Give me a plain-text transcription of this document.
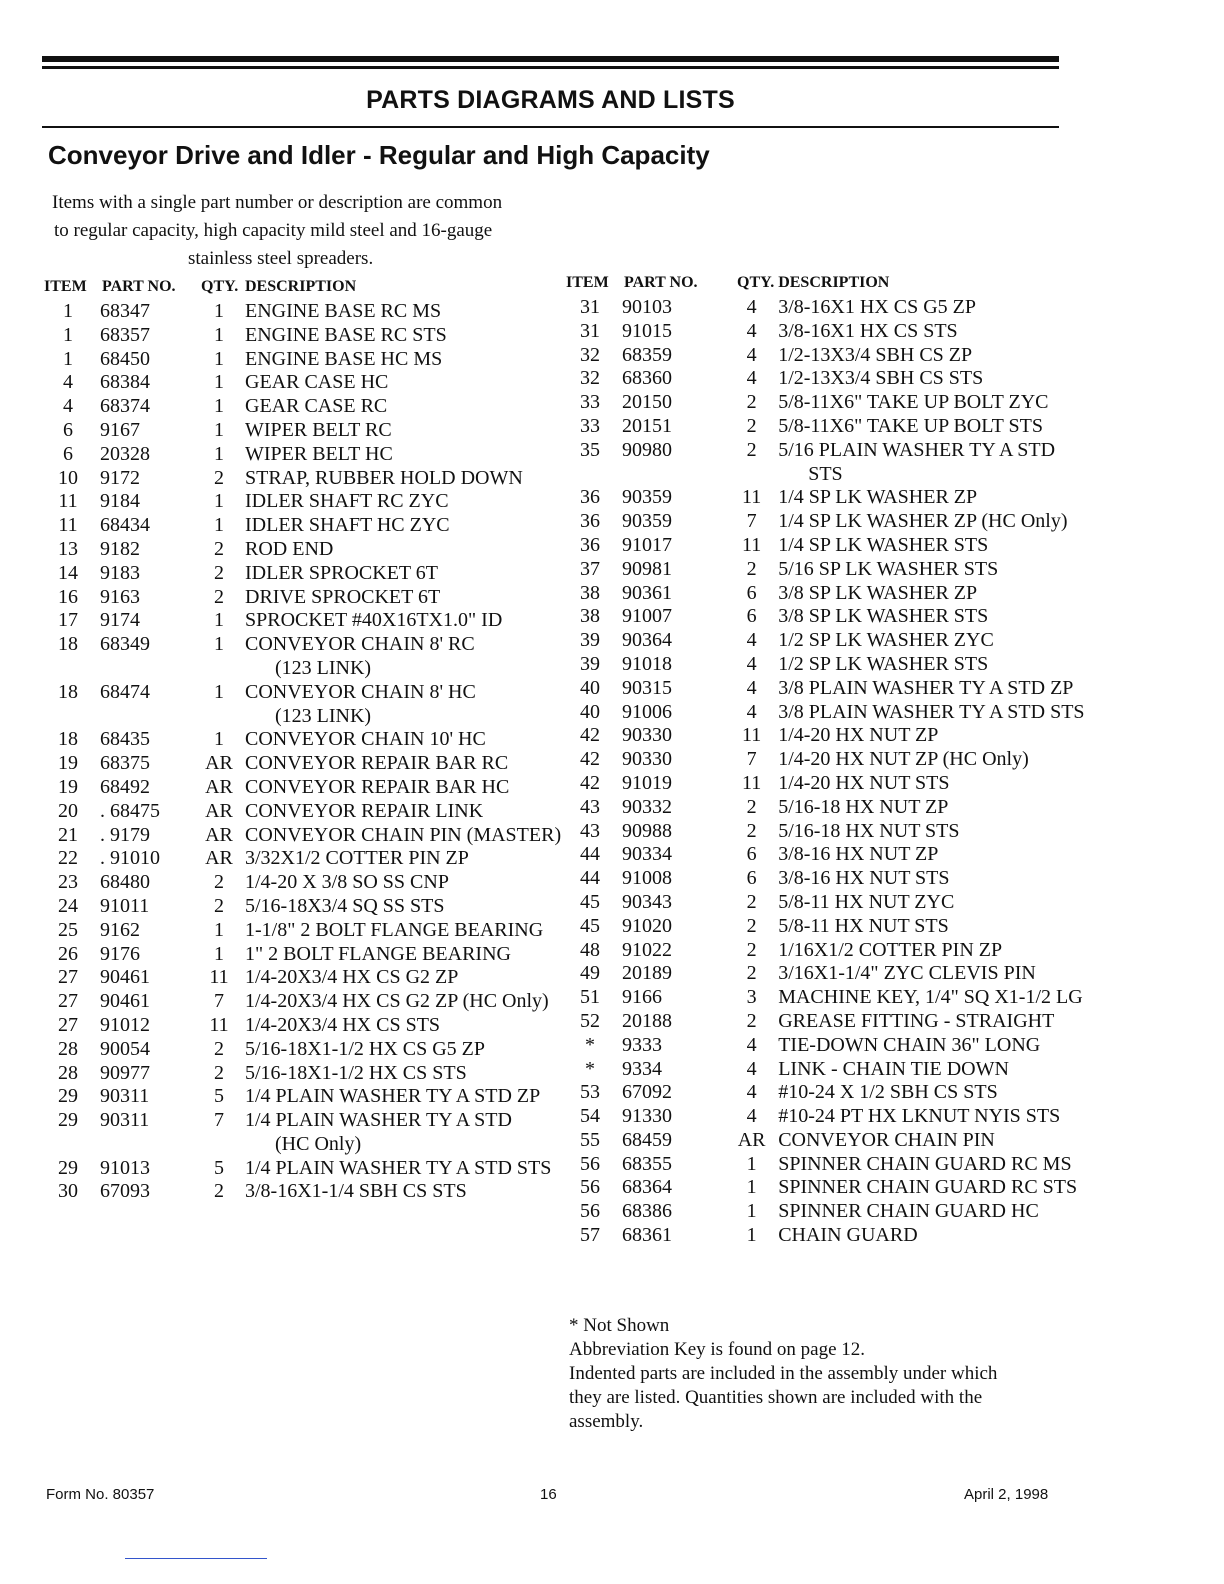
PARTS DIAGRAMS AND LISTS
Conveyor Drive and Idler - Regular and High Capacity
Items with a single part number or description are common
to regular capacity, high capacity mild steel and 16-gauge
stainless steel spreaders.
ITEM	PART NO.	QTY.	DESCRIPTION
1	68347	1	ENGINE BASE RC MS
1	68357	1	ENGINE BASE RC STS
1	68450	1	ENGINE BASE HC MS
4	68384	1	GEAR CASE HC
4	68374	1	GEAR CASE RC
6	9167	1	WIPER BELT RC
6	20328	1	WIPER BELT HC
10	9172	2	STRAP, RUBBER HOLD DOWN
11	9184	1	IDLER SHAFT RC ZYC
11	68434	1	IDLER SHAFT HC ZYC
13	9182	2	ROD END
14	9183	2	IDLER SPROCKET 6T
16	9163	2	DRIVE SPROCKET 6T
17	9174	1	SPROCKET #40X16TX1.0" ID
18	68349	1	CONVEYOR CHAIN 8' RC
			(123 LINK)
18	68474	1	CONVEYOR CHAIN 8' HC
			(123 LINK)
18	68435	1	CONVEYOR CHAIN 10' HC
19	68375	AR	CONVEYOR REPAIR BAR RC
19	68492	AR	CONVEYOR REPAIR BAR HC
20	. 68475	AR	CONVEYOR REPAIR LINK
21	. 9179	AR	CONVEYOR CHAIN PIN (MASTER)
22	. 91010	AR	3/32X1/2 COTTER PIN ZP
23	68480	2	1/4-20 X 3/8 SO SS CNP
24	91011	2	5/16-18X3/4 SQ SS STS
25	9162	1	1-1/8" 2 BOLT FLANGE BEARING
26	9176	1	1" 2 BOLT FLANGE BEARING
27	90461	11	1/4-20X3/4 HX CS G2 ZP
27	90461	7	1/4-20X3/4 HX CS G2 ZP (HC Only)
27	91012	11	1/4-20X3/4 HX CS STS
28	90054	2	5/16-18X1-1/2 HX CS G5 ZP
28	90977	2	5/16-18X1-1/2 HX CS STS
29	90311	5	1/4 PLAIN WASHER TY A STD ZP
29	90311	7	1/4 PLAIN WASHER TY A STD
			(HC Only)
29	91013	5	1/4 PLAIN WASHER TY A STD STS
30	67093	2	3/8-16X1-1/4 SBH CS STS
ITEM	PART NO.	QTY.	DESCRIPTION
31	90103	4	3/8-16X1 HX CS G5 ZP
31	91015	4	3/8-16X1 HX CS STS
32	68359	4	1/2-13X3/4 SBH CS ZP
32	68360	4	1/2-13X3/4 SBH CS STS
33	20150	2	5/8-11X6" TAKE UP BOLT ZYC
33	20151	2	5/8-11X6" TAKE UP BOLT STS
35	90980	2	5/16 PLAIN WASHER TY A STD
			STS
36	90359	11	1/4 SP LK WASHER ZP
36	90359	7	1/4 SP LK WASHER ZP (HC Only)
36	91017	11	1/4 SP LK WASHER STS
37	90981	2	5/16 SP LK WASHER STS
38	90361	6	3/8 SP LK WASHER ZP
38	91007	6	3/8 SP LK WASHER STS
39	90364	4	1/2 SP LK WASHER ZYC
39	91018	4	1/2 SP LK WASHER STS
40	90315	4	3/8 PLAIN WASHER TY A STD ZP
40	91006	4	3/8 PLAIN WASHER TY A STD STS
42	90330	11	1/4-20 HX NUT ZP
42	90330	7	1/4-20 HX NUT ZP (HC Only)
42	91019	11	1/4-20 HX NUT STS
43	90332	2	5/16-18 HX NUT ZP
43	90988	2	5/16-18 HX NUT STS
44	90334	6	3/8-16 HX NUT ZP
44	91008	6	3/8-16 HX NUT STS
45	90343	2	5/8-11 HX NUT ZYC
45	91020	2	5/8-11 HX NUT STS
48	91022	2	1/16X1/2 COTTER PIN ZP
49	20189	2	3/16X1-1/4" ZYC CLEVIS PIN
51	9166	3	MACHINE KEY, 1/4" SQ X1-1/2 LG
52	20188	2	GREASE FITTING - STRAIGHT
*	9333	4	TIE-DOWN CHAIN 36" LONG
*	9334	4	LINK - CHAIN TIE DOWN
53	67092	4	#10-24 X 1/2 SBH CS STS
54	91330	4	#10-24 PT HX LKNUT NYIS STS
55	68459	AR	CONVEYOR CHAIN PIN
56	68355	1	SPINNER CHAIN GUARD RC MS
56	68364	1	SPINNER CHAIN GUARD RC STS
56	68386	1	SPINNER CHAIN GUARD HC
57	68361	1	CHAIN GUARD
* Not Shown
Abbreviation Key is found on page 12.
Indented parts are included in the assembly under which
they are listed. Quantities shown are included with the
assembly.
Form No. 80357	16	April 2, 1998
